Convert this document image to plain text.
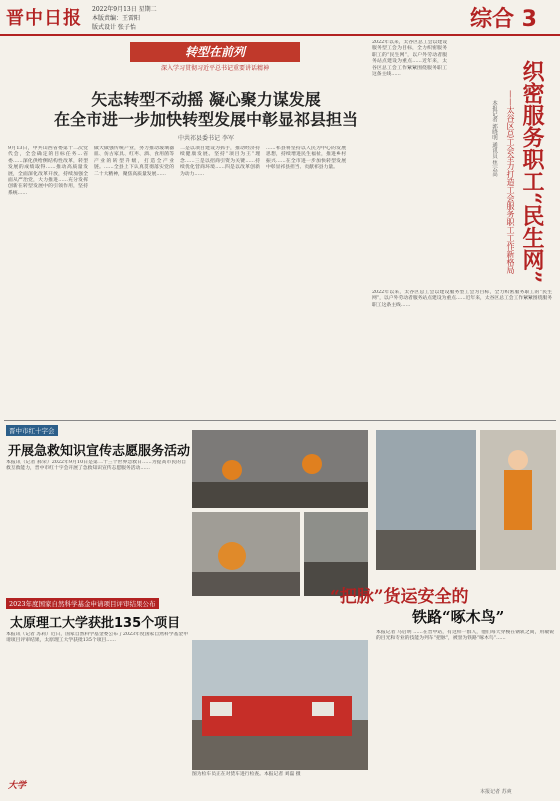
晋中日报 2022年9月13日 星期二
本版责编：王雷阳
版式设计 张子怡	综合 3
转型在前列
深入学习贯彻习近平总书记重要讲话精神
矢志转型不动摇 凝心聚力谋发展
在全市进一步加快转型发展中彰显祁县担当
中共祁县委书记 李军
9月13日，中共山西省委第十二次党代会，全会确定的目标任务…省委……深化供给侧结构性改革，转型发展的成绩取得……推动高质量发展，全面深化改革开放，持续加强全面从严治党，大力推进……充分发挥创新在转型发展中的引领作用，坚持系统……
做大做强传统产业，努力推动玻璃器皿、仿古家具、红枣、酒、食用菌等产业的转型升级，打造全产业链。……全县上下认真贯彻落实党的二十大精神，聚焦高质量发展……
二是以项目建设为抓手，推动经济持续健康发展。坚持“项目为王”理念……三是以招商引资为关键……持续优化营商环境……四是以改革创新为动力……
……祁县将坚持以人民为中心的发展思想，持续增进民生福祉，推进乡村振兴……在全市进一步加快转型发展中彰显祁县担当、贡献祁县力量。
2022年以来，太谷区总工会以建设服务型工会为目标，全力织密服务职工的“民生网”，以户外劳动者服务站点建设为重点……近年来，太谷区总工会工作紧紧围绕服务职工这条主线……	织密服务职工“民生网”
——太谷区总工会全力打造工会服务职工工作新格局
本报记者 郭晓明 通讯员 焦云高
2022年以来，太谷区总工会以建设服务型工会为目标，全力织密服务职工的“民生网”，以户外劳动者服务站点建设为重点……近年来，太谷区总工会工作紧紧围绕服务职工这条主线……
晋中市红十字会
开展急救知识宣传志愿服务活动
本报讯（记者 郝荣）2022年9月10日是第二十三个世界急救日……为提高市民的自救互救能力，晋中市红十字会开展了急救知识宣传志愿服务活动……
“把脉”货运安全的
铁路“啄木鸟”
2023年度国家自然科学基金申请项目评审结果公布
太原理工大学获批135个项目
本报讯（记者 苏莉）近日，国家自然科学基金委公布了2023年度国家自然科学基金申请项目评审结果，太原理工大学获批135个项目……
图为检车员正在对货车进行检查。本报记者 刘磊 摄
本报记者 马启明 ……在晋中站，有这样一群人，他们每天穿梭在钢轨之间，用敏锐的目光和专业的技能为列车“把脉”，被誉为铁路“啄木鸟”……
本报记者 苏爽
大学
